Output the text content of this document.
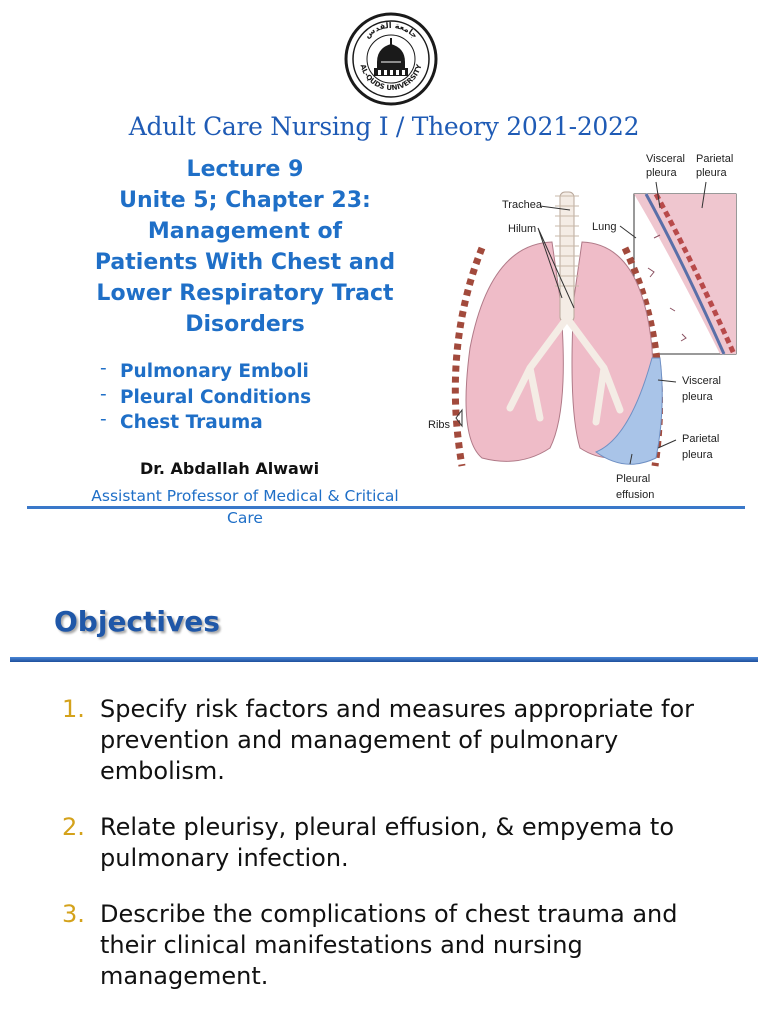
AL-QUDS UNIVERSITY
جامعة القدس
Adult Care Nursing I / Theory 2021-2022
Lecture 9
Unite 5; Chapter 23:
Management of
Patients With Chest and
Lower Respiratory Tract
Disorders
- Pulmonary Emboli
- Pleural Conditions
- Chest Trauma
Dr. Abdallah Alwawi
Assistant Professor of Medical & Critical Care
Visceral
pleura
Parietal
pleura
Trachea
Hilum	Lung
Ribs
Visceral
pleura
Parietal
pleura
Pleural
effusion
Objectives
1. Specify risk factors and measures appropriate for prevention and management of pulmonary embolism.
2. Relate pleurisy, pleural effusion, & empyema to pulmonary infection.
3. Describe the complications of chest trauma and their clinical manifestations and nursing management.
